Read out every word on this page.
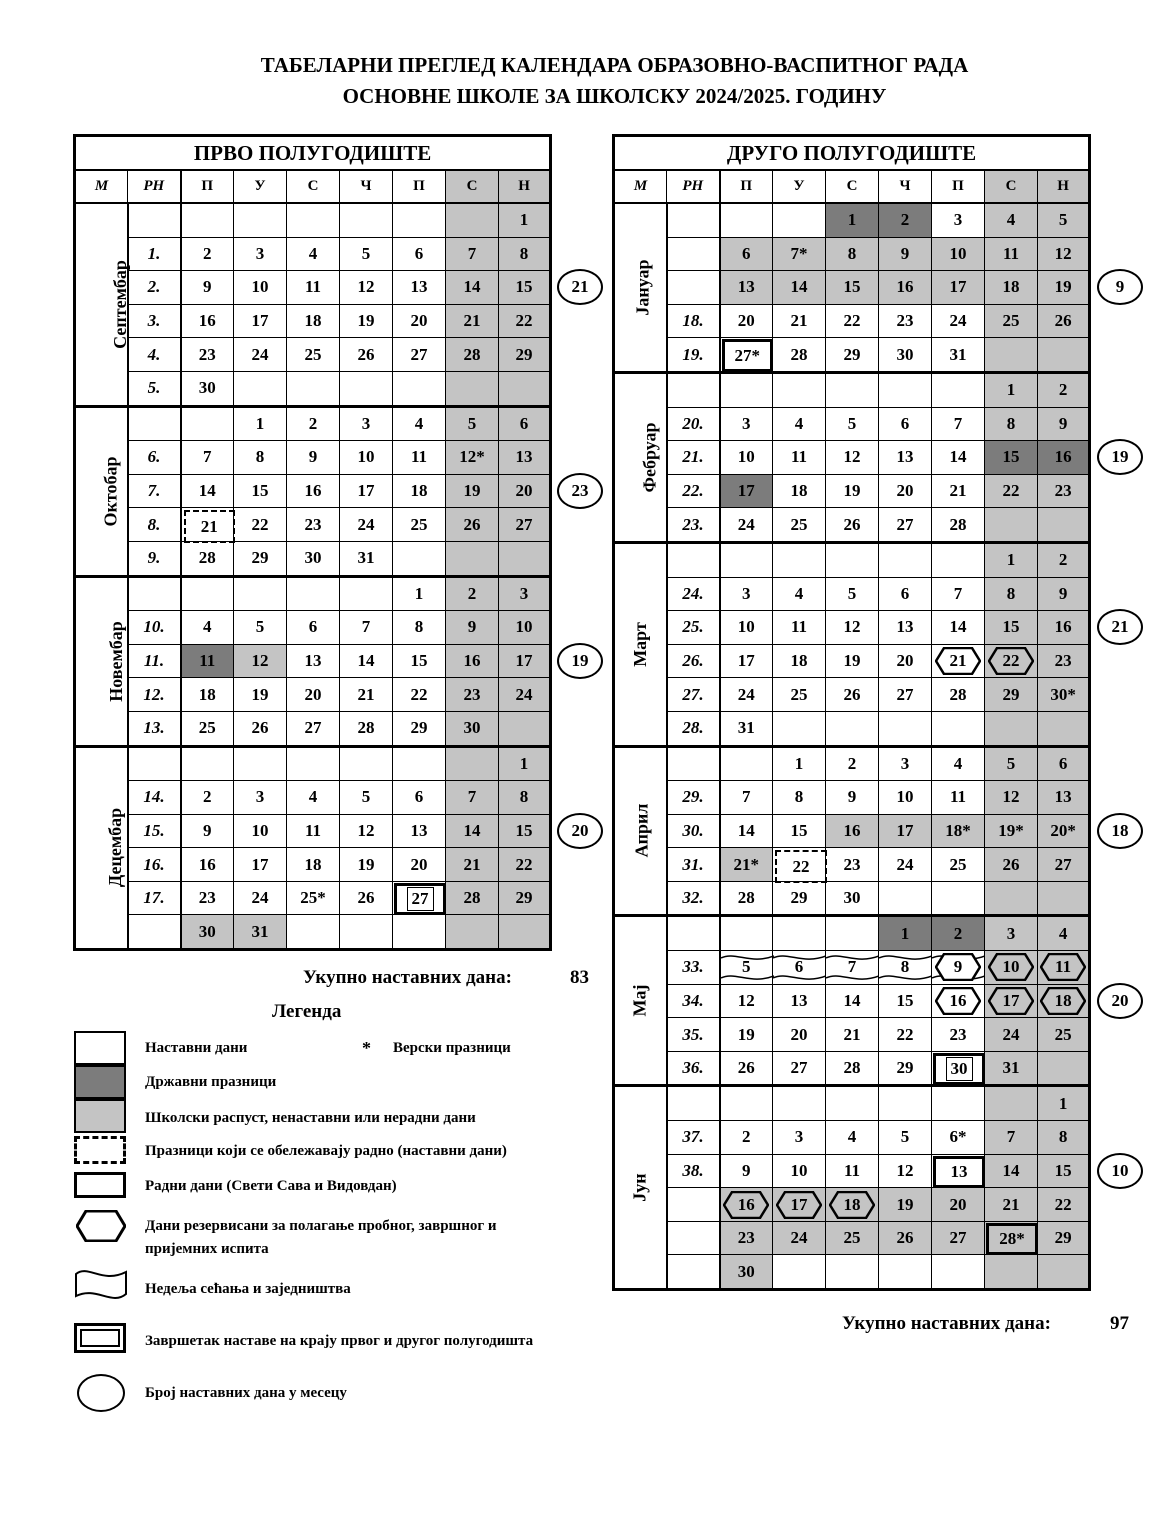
ТАБЕЛАРНИ ПРЕГЛЕД КАЛЕНДАРА ОБРАЗОВНО-ВАСПИТНОГ РАДА
ОСНОВНЕ ШКОЛЕ ЗА ШКОЛСКУ 2024/2025. ГОДИНУ
ПРВО ПОЛУГОДИШТЕ								
М	РН	П	У	С	Ч	П	С	Н
Септембар								1

	1.	2	3	4	5	6	7	8

	2.	9	10	11	12	13	14	15

	3.	16	17	18	19	20	21	22

	4.	23	24	25	26	27	28	29

	5.	30						

Октобар			1	2	3	4	5	6

	6.	7	8	9	10	11	12*	13

	7.	14	15	16	17	18	19	20

	8.	21	22	23	24	25	26	27

	9.	28	29	30	31			

Новембар						1	2	3

	10.	4	5	6	7	8	9	10

	11.	11	12	13	14	15	16	17

	12.	18	19	20	21	22	23	24

	13.	25	26	27	28	29	30	

Децембар								1

	14.	2	3	4	5	6	7	8

	15.	9	10	11	12	13	14	15

	16.	16	17	18	19	20	21	22

	17.	23	24	25*	26	27	28	29

		30	31					

ДРУГО ПОЛУГОДИШТЕ								
М	РН	П	У	С	Ч	П	С	Н
Јануар				1	2	3	4	5

		6	7*	8	9	10	11	12

		13	14	15	16	17	18	19

	18.	20	21	22	23	24	25	26

	19.	27*	28	29	30	31		

Фебруар							1	2

	20.	3	4	5	6	7	8	9

	21.	10	11	12	13	14	15	16

	22.	17	18	19	20	21	22	23

	23.	24	25	26	27	28		

Март							1	2

	24.	3	4	5	6	7	8	9

	25.	10	11	12	13	14	15	16

	26.	17	18	19	20	21	22	23

	27.	24	25	26	27	28	29	30*

	28.	31						

Април			1	2	3	4	5	6

	29.	7	8	9	10	11	12	13

	30.	14	15	16	17	18*	19*	20*

	31.	21*	22	23	24	25	26	27

	32.	28	29	30				

Мај					1	2	3	4

	33.	5	6	7	8	9	10	11

	34.	12	13	14	15	16	17	18

	35.	19	20	21	22	23	24	25

	36.	26	27	28	29	30	31	

Јун								1

	37.	2	3	4	5	6*	7	8

	38.	9	10	11	12	13	14	15

		16	17	18	19	20	21	22

		23	24	25	26	27	28*	29

		30						

Укупно наставних дана:	83
Укупно наставних дана:	97
Легенда
Наставни дани	* Верски празници
Државни празници
Школски распуст, ненаставни или нерадни дани
Празници који се обележавају радно (наставни дани)
Радни дани (Свети Сава и Видовдан)
Дани резервисани за полагање пробног, завршног и
пријемних испита
Недеља сећања и заједништва
Завршетак наставе на крају првог и другог полугодишта
Број наставних дана у месецу
21
23
19
20
9
19
21
18
20
10
